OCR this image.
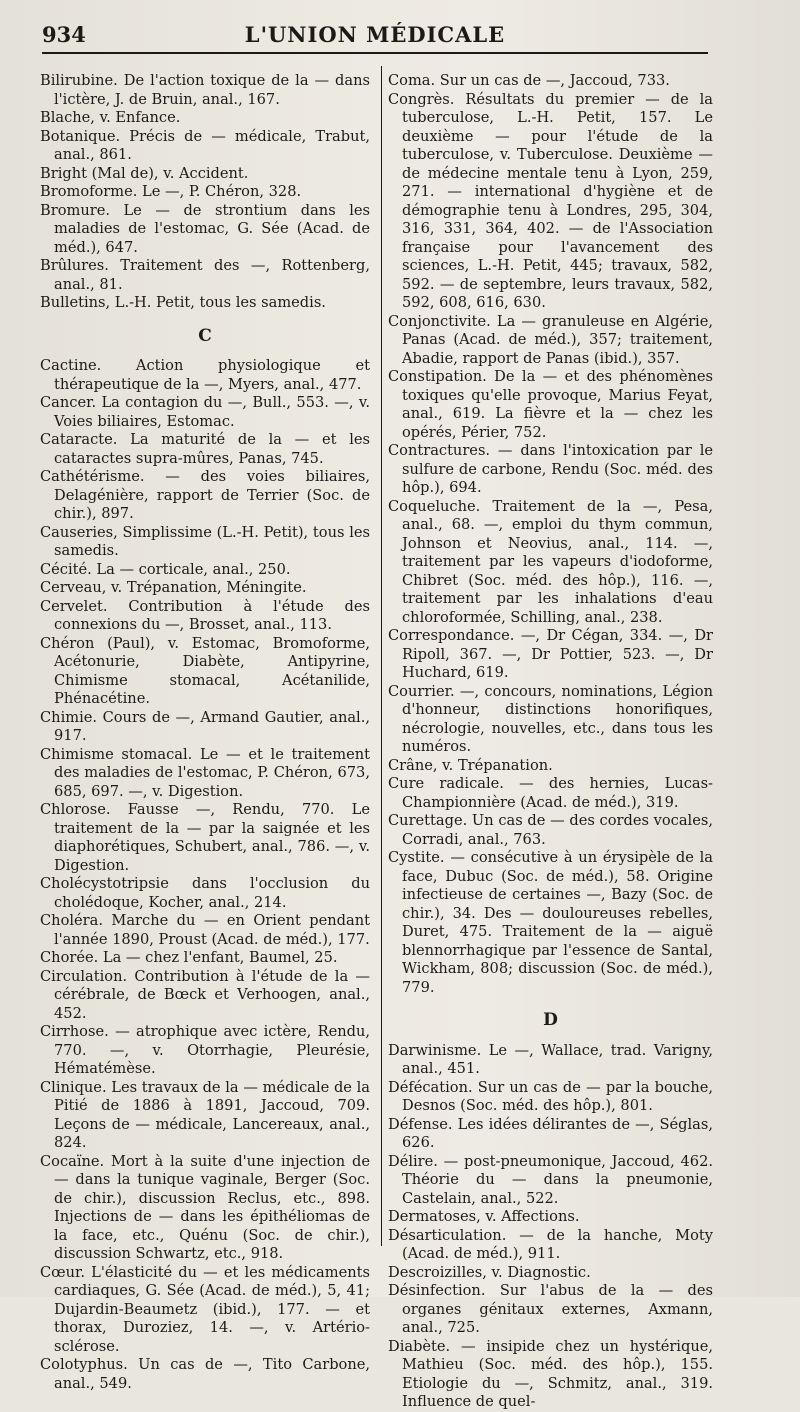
934	L'UNION MÉDICALE

Bilirubine. De l'action toxique de la — dans l'ictère, J. de Bruin, anal., 167.

Blache, v. Enfance.

Botanique. Précis de — médicale, Trabut, anal., 861.

Bright (Mal de), v. Accident.

Bromoforme. Le —, P. Chéron, 328.

Bromure. Le — de strontium dans les maladies de l'estomac, G. Sée (Acad. de méd.), 647.

Brûlures. Traitement des —, Rottenberg, anal., 81.

Bulletins, L.-H. Petit, tous les samedis.

C

Cactine. Action physiologique et thérapeutique de la —, Myers, anal., 477.

Cancer. La contagion du —, Bull., 553. —, v. Voies biliaires, Estomac.

Cataracte. La maturité de la — et les cataractes supra-mûres, Panas, 745.

Cathétérisme. — des voies biliaires, Delagénière, rapport de Terrier (Soc. de chir.), 897.

Causeries, Simplissime (L.-H. Petit), tous les samedis.

Cécité. La — corticale, anal., 250.

Cerveau, v. Trépanation, Méningite.

Cervelet. Contribution à l'étude des connexions du —, Brosset, anal., 113.

Chéron (Paul), v. Estomac, Bromoforme, Acétonurie, Diabète, Antipyrine, Chimisme stomacal, Acétanilide, Phénacétine.

Chimie. Cours de —, Armand Gautier, anal., 917.

Chimisme stomacal. Le — et le traitement des maladies de l'estomac, P. Chéron, 673, 685, 697. —, v. Digestion.

Chlorose. Fausse —, Rendu, 770. Le traitement de la — par la saignée et les diaphorétiques, Schubert, anal., 786. —, v. Digestion.

Cholécystotripsie dans l'occlusion du cholédoque, Kocher, anal., 214.

Choléra. Marche du — en Orient pendant l'année 1890, Proust (Acad. de méd.), 177.

Chorée. La — chez l'enfant, Baumel, 25.

Circulation. Contribution à l'étude de la — cérébrale, de Bœck et Verhoogen, anal., 452.

Cirrhose. — atrophique avec ictère, Rendu, 770. —, v. Otorrhagie, Pleurésie, Hématémèse.

Clinique. Les travaux de la — médicale de la Pitié de 1886 à 1891, Jaccoud, 709. Leçons de — médicale, Lancereaux, anal., 824.

Cocaïne. Mort à la suite d'une injection de — dans la tunique vaginale, Berger (Soc. de chir.), discussion Reclus, etc., 898. Injections de — dans les épithéliomas de la face, etc., Quénu (Soc. de chir.), discussion Schwartz, etc., 918.

Cœur. L'élasticité du — et les médicaments cardiaques, G. Sée (Acad. de méd.), 5, 41; Dujardin-Beaumetz (ibid.), 177. — et thorax, Duroziez, 14. —, v. Artério-sclérose.

Colotyphus. Un cas de —, Tito Carbone, anal., 549.

Coma. Sur un cas de —, Jaccoud, 733.

Congrès. Résultats du premier — de la tuberculose, L.-H. Petit, 157. Le deuxième — pour l'étude de la tuberculose, v. Tuberculose. Deuxième — de médecine mentale tenu à Lyon, 259, 271. — international d'hygiène et de démographie tenu à Londres, 295, 304, 316, 331, 364, 402. — de l'Association française pour l'avancement des sciences, L.-H. Petit, 445; travaux, 582, 592. — de septembre, leurs travaux, 582, 592, 608, 616, 630.

Conjonctivite. La — granuleuse en Algérie, Panas (Acad. de méd.), 357; traitement, Abadie, rapport de Panas (ibid.), 357.

Constipation. De la — et des phénomènes toxiques qu'elle provoque, Marius Feyat, anal., 619. La fièvre et la — chez les opérés, Périer, 752.

Contractures. — dans l'intoxication par le sulfure de carbone, Rendu (Soc. méd. des hôp.), 694.

Coqueluche. Traitement de la —, Pesa, anal., 68. —, emploi du thym commun, Johnson et Neovius, anal., 114. —, traitement par les vapeurs d'iodoforme, Chibret (Soc. méd. des hôp.), 116. —, traitement par les inhalations d'eau chloroformée, Schilling, anal., 238.

Correspondance. —, Dr Cégan, 334. —, Dr Ripoll, 367. —, Dr Pottier, 523. —, Dr Huchard, 619.

Courrier. —, concours, nominations, Légion d'honneur, distinctions honorifiques, nécrologie, nouvelles, etc., dans tous les numéros.

Crâne, v. Trépanation.

Cure radicale. — des hernies, Lucas-Championnière (Acad. de méd.), 319.

Curettage. Un cas de — des cordes vocales, Corradi, anal., 763.

Cystite. — consécutive à un érysipèle de la face, Dubuc (Soc. de méd.), 58. Origine infectieuse de certaines —, Bazy (Soc. de chir.), 34. Des — douloureuses rebelles, Duret, 475. Traitement de la — aiguë blennorrhagique par l'essence de Santal, Wickham, 808; discussion (Soc. de méd.), 779.

D

Darwinisme. Le —, Wallace, trad. Varigny, anal., 451.

Défécation. Sur un cas de — par la bouche, Desnos (Soc. méd. des hôp.), 801.

Défense. Les idées délirantes de —, Séglas, 626.

Délire. — post-pneumonique, Jaccoud, 462. Théorie du — dans la pneumonie, Castelain, anal., 522.

Dermatoses, v. Affections.

Désarticulation. — de la hanche, Moty (Acad. de méd.), 911.

Descroizilles, v. Diagnostic.

Désinfection. Sur l'abus de la — des organes génitaux externes, Axmann, anal., 725.

Diabète. — insipide chez un hystérique, Mathieu (Soc. méd. des hôp.), 155. Etiologie du —, Schmitz, anal., 319. Influence de quel-
